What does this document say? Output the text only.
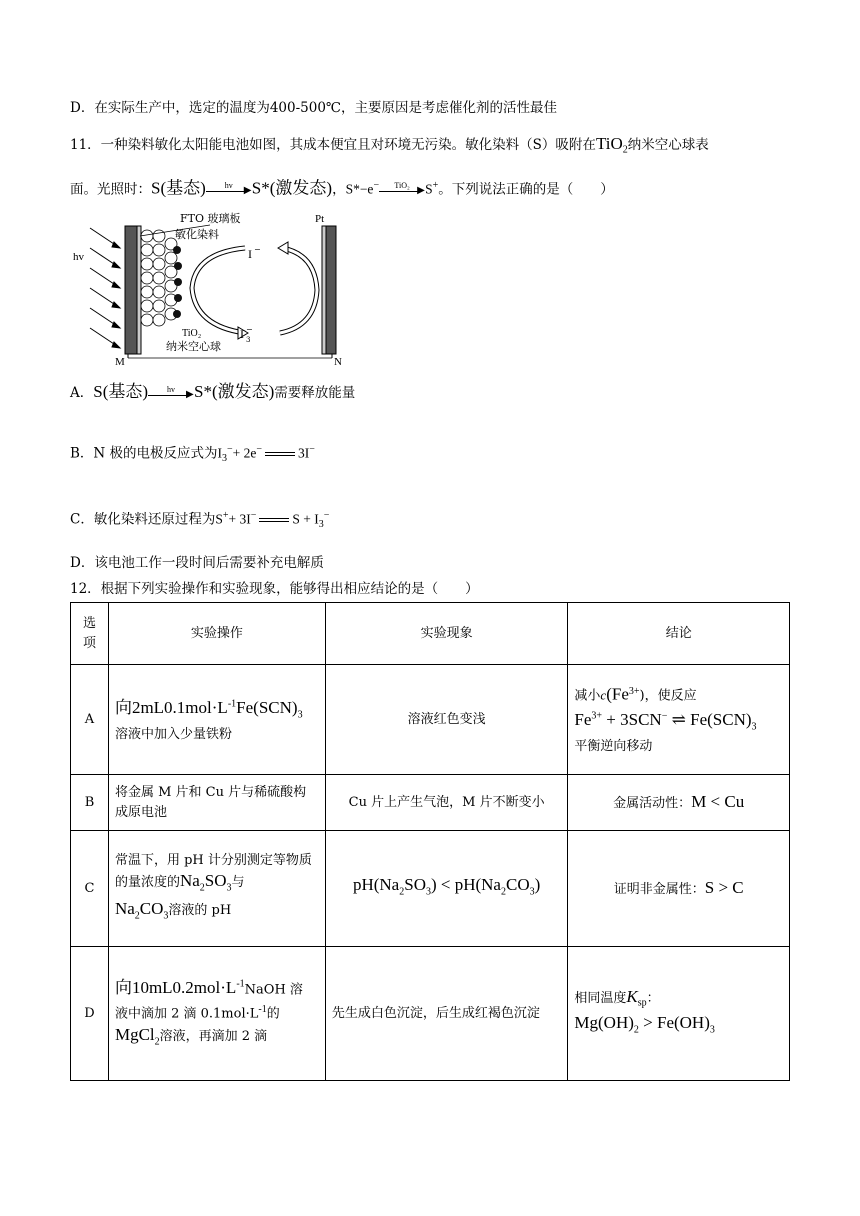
D．在实际生产中，选定的温度为400-500℃，主要原因是考虑催化剂的活性最佳
11．一种染料敏化太阳能电池如图，其成本便宜且对环境无污染。敏化染料（S）吸附在TiO$_2$纳米空心球表
面。光照时：S(基态)	hv	▶ S*(激发态)，S*−e−	TiO₂ ▶ S+。下列说法正确的是（　　）
hv
FTO 玻璃板	Pt
敏化染料
I −
I 3
−
TiO₂
纳米空心球
M	N
A．S(基态)	hv	▶ S*(激发态)需要释放能量
B．N 极的电极反应式为$I_3^-+ 2e^-$	3I−
C．敏化染料还原过程为S++ 3I−	$S + I_3^-$
D．该电池工作一段时间后需要补充电解质
12．根据下列实验操作和实验现象，能够得出相应结论的是（　　）
选
项	实验操作	实验现象	结论
A	向$2mL0.1mol\cdot L^{-1}Fe(SCN)_3$
溶液中加入少量铁粉	溶液红色变浅	减小$c(Fe^{3+})$，使反应
$Fe^{3+} + 3SCN^-$ ⇌ $Fe(SCN)_3$
平衡逆向移动
B	将金属 M 片和 Cu 片与稀硫酸构成原电池	Cu 片上产生气泡，M 片不断变小	金属活动性：M < Cu
C	常温下，用 pH 计分别测定等物质的量浓度的$Na_2SO_3$与
$Na_2CO_3$溶液的 pH	$pH(Na_2SO_3) < pH(Na_2CO_3)$	证明非金属性：S > C
D	向$10mL0.2mol\cdot L^{-1}NaOH$ 溶
液中滴加 2 滴 $0.1mol\cdot L^{-1}$的
MgCl$_2$溶液，再滴加 2 滴	先生成白色沉淀，后生成红褐色沉淀	相同温度$K_{sp}$：
$Mg(OH)_2 > Fe(OH)_3$
